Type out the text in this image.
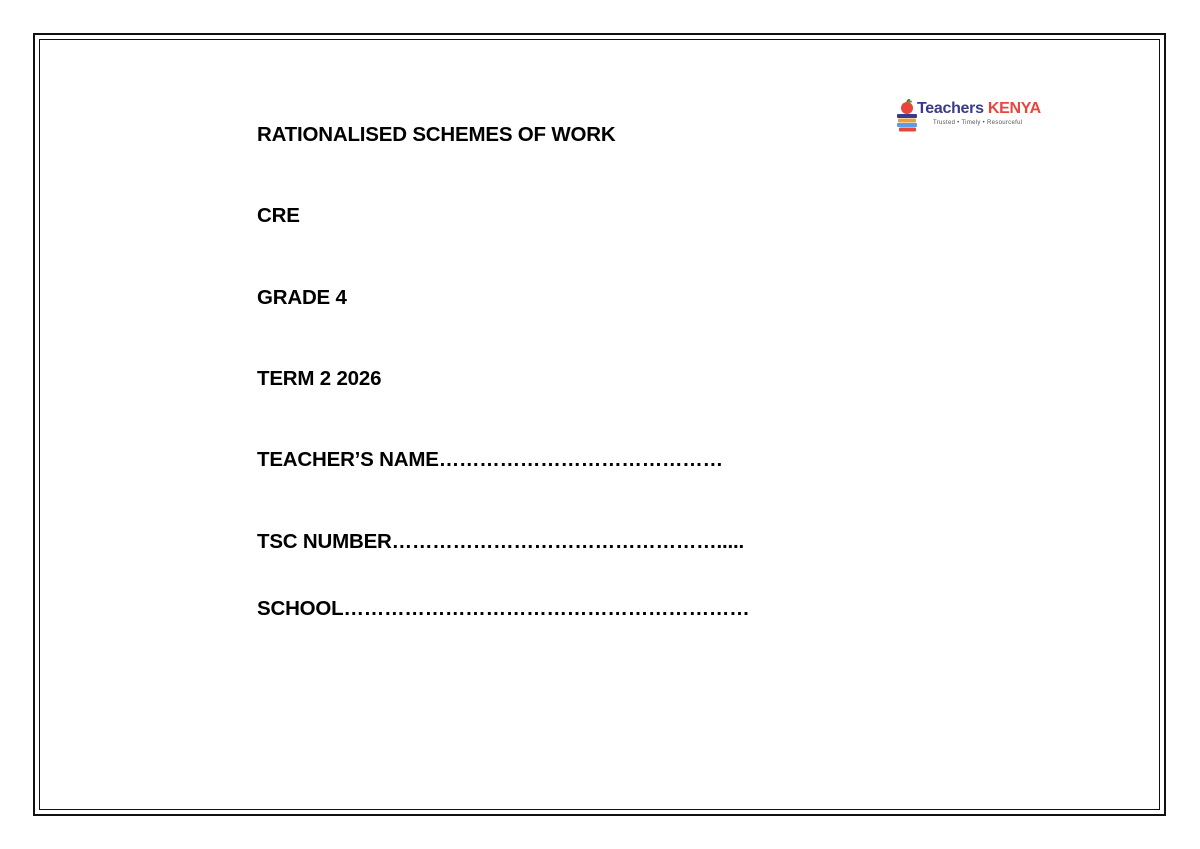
Teachers KENYA
Trusted • Timely • Resourceful

RATIONALISED SCHEMES OF WORK

CRE

GRADE 4

TERM 2 2026

TEACHER’S NAME……………………………………

TSC NUMBER………………………………………….....

SCHOOL……………………………………………………
